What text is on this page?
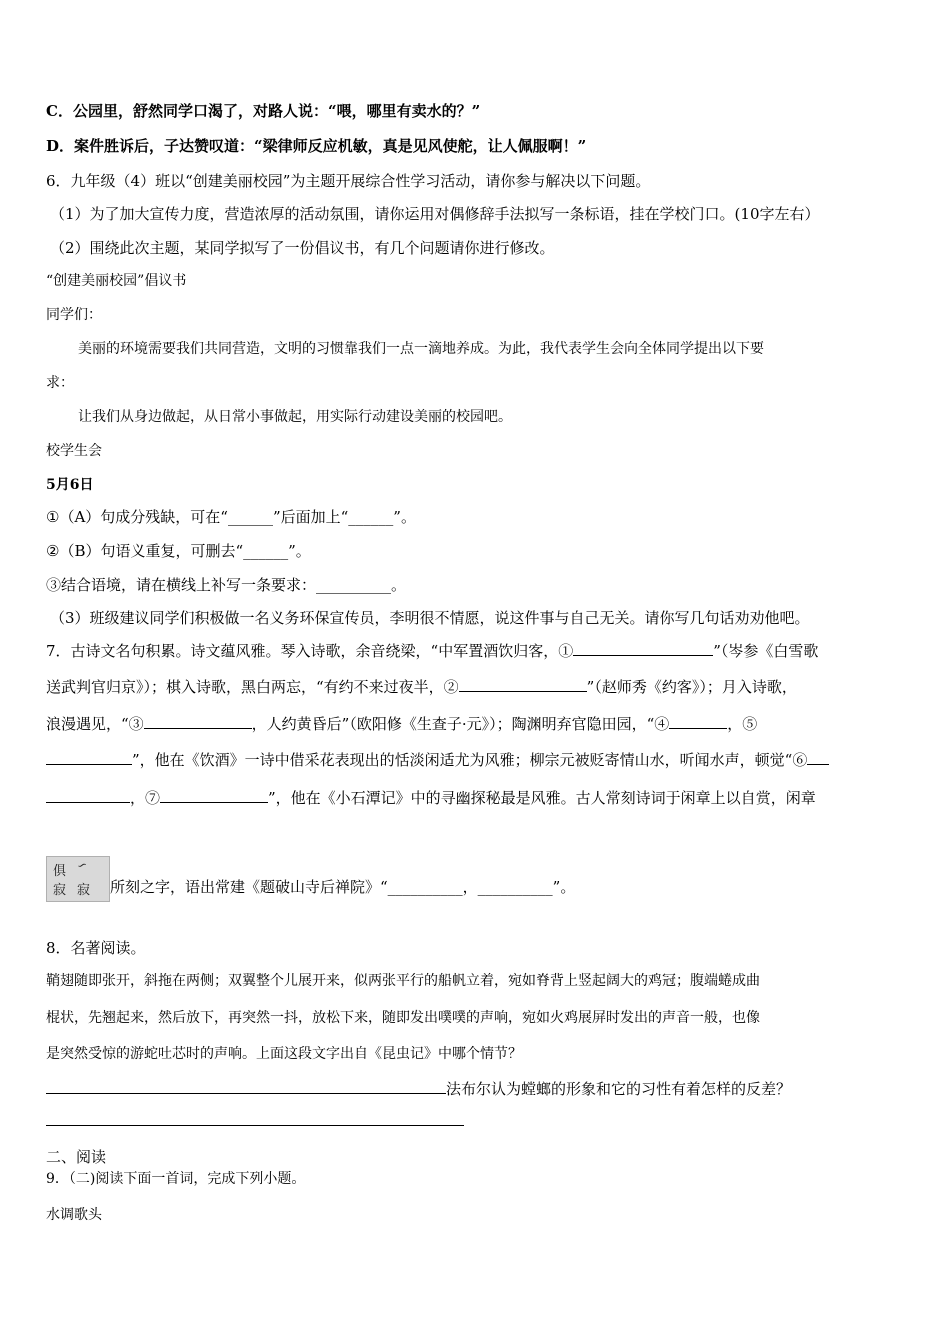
C．公园里，舒然同学口渴了，对路人说：“喂，哪里有卖水的？”
D．案件胜诉后，子达赞叹道：“梁律师反应机敏，真是见风使舵，让人佩服啊！”
6．九年级（4）班以“创建美丽校园”为主题开展综合性学习活动，请你参与解决以下问题。
（1）为了加大宣传力度，营造浓厚的活动氛围，请你运用对偶修辞手法拟写一条标语，挂在学校门口。(10字左右）
（2）围绕此次主题，某同学拟写了一份倡议书，有几个问题请你进行修改。
“创建美丽校园”倡议书
同学们：
美丽的环境需要我们共同营造，文明的习惯靠我们一点一滴地养成。为此，我代表学生会向全体同学提出以下要
求：
让我们从身边做起，从日常小事做起，用实际行动建设美丽的校园吧。
校学生会
5月6日
①（A）句成分残缺，可在“______”后面加上“______”。
②（B）句语义重复，可删去“______”。
③结合语境，请在横线上补写一条要求：__________。
（3）班级建议同学们积极做一名义务环保宣传员，李明很不情愿，说这件事与自己无关。请你写几句话劝劝他吧。
7．古诗文名句积累。诗文蕴风雅。琴入诗歌，余音绕梁，“中军置酒饮归客，①	”（岑参《白雪歌
送武判官归京》）；棋入诗歌，黑白两忘，“有约不来过夜半，②	”（赵师秀《约客》）；月入诗歌，
浪漫遇见，“③	，人约黄昏后”（欧阳修《生查子·元》）；陶渊明弃官隐田园，“④	，⑤
”，他在《饮酒》一诗中借采花表现出的恬淡闲适尤为风雅；柳宗元被贬寄情山水，听闻水声，顿觉“⑥
，⑦	”，他在《小石潭记》中的寻幽探秘最是风雅。古人常刻诗词于闲章上以自赏，闲章
俱 ∽
寂 寂 所刻之字，语出常建《题破山寺后禅院》“__________，__________”。
8．名著阅读。
鞘翅随即张开，斜拖在两侧；双翼整个儿展开来，似两张平行的船帆立着，宛如脊背上竖起阔大的鸡冠；腹端蜷成曲
棍状，先翘起来，然后放下，再突然一抖，放松下来，随即发出噗噗的声响，宛如火鸡展屏时发出的声音一般，也像
是突然受惊的游蛇吐芯时的声响。上面这段文字出自《昆虫记》中哪个情节？
法布尔认为螳螂的形象和它的习性有着怎样的反差？
二、阅读
9．（二)阅读下面一首词，完成下列小题。
水调歌头
